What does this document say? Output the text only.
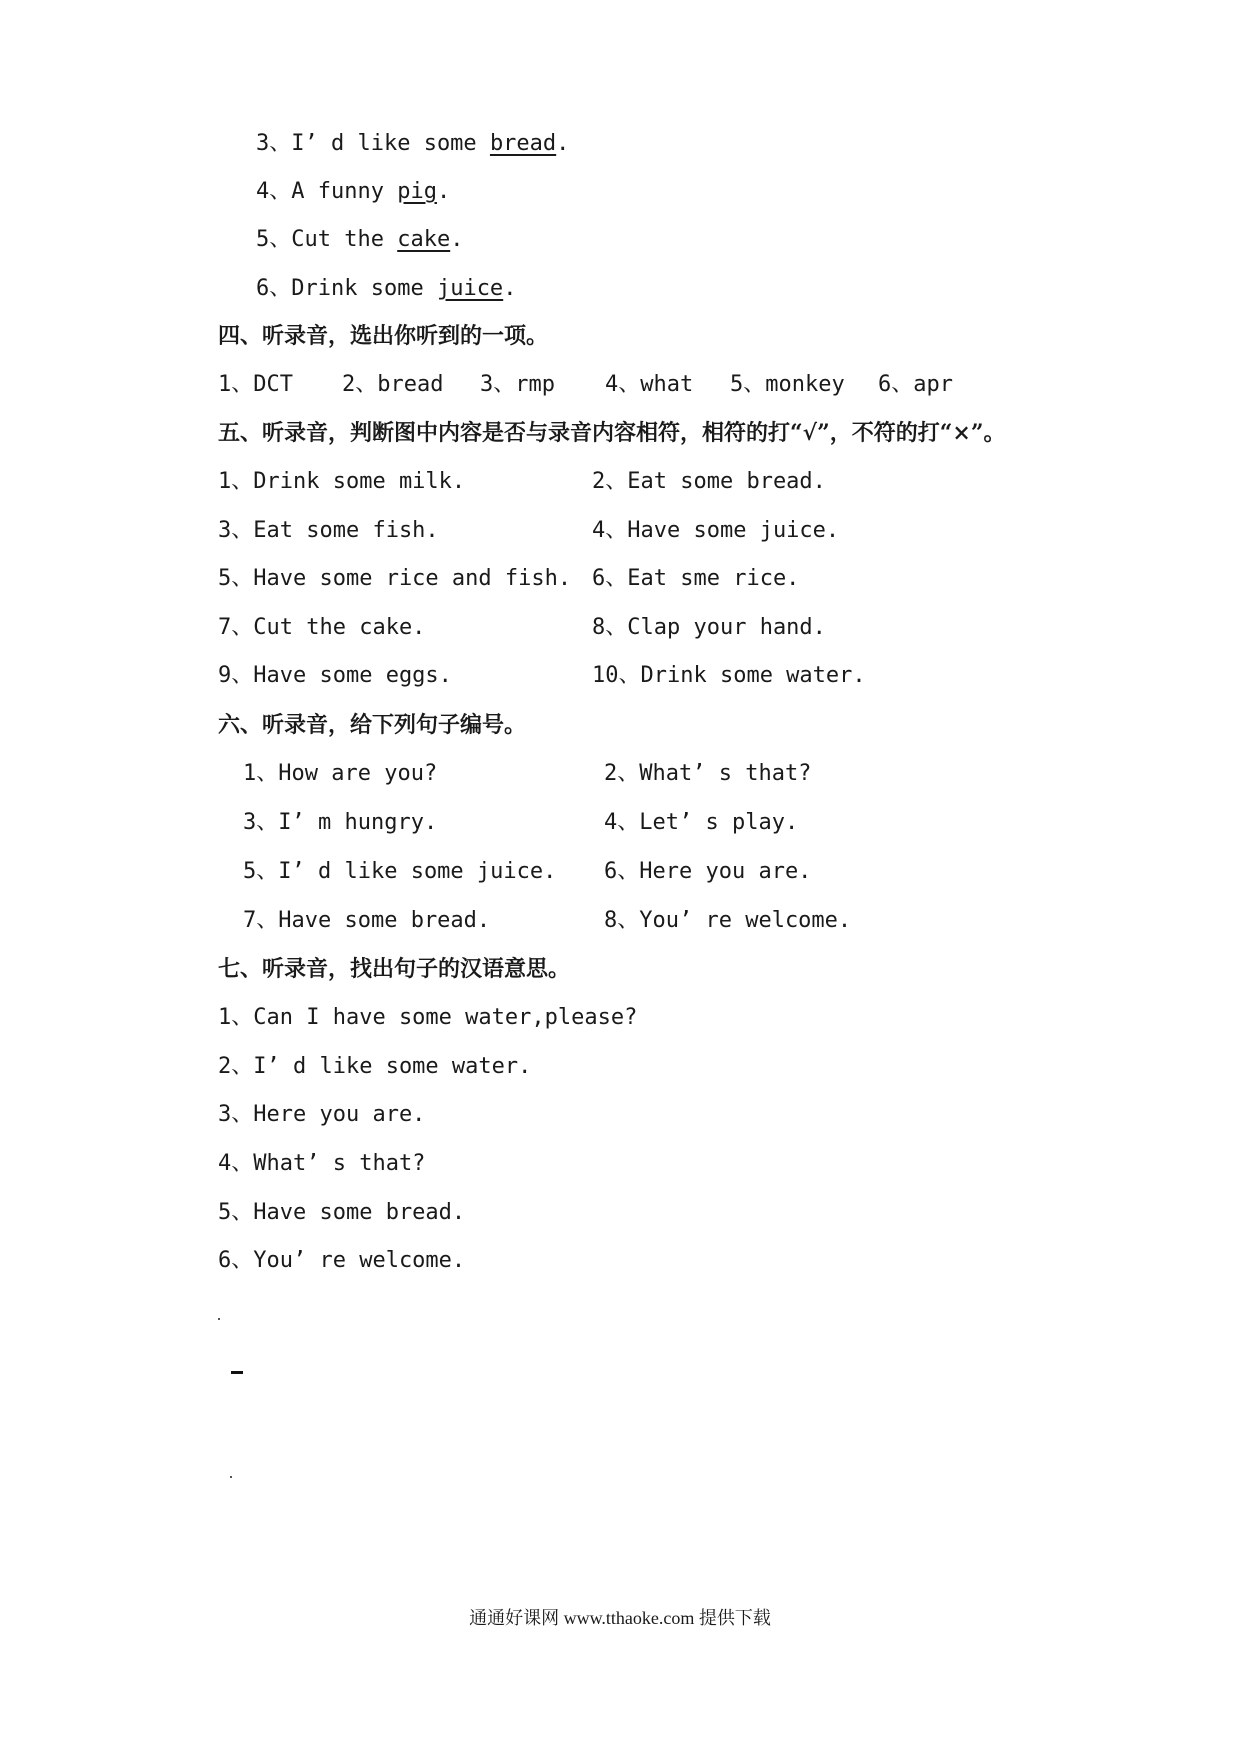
3、I’ d like some bread.
4、A funny pig.
5、Cut the cake.
6、Drink some juice.
四、听录音，选出你听到的一项。
1、DCT 2、bread 3、rmp 4、what 5、monkey 6、apr
五、听录音，判断图中内容是否与录音内容相符，相符的打“√”，不符的打“×”。
1、Drink some milk.	2、Eat some bread.
3、Eat some fish.	4、Have some juice.
5、Have some rice and fish. 6、Eat sme rice.
7、Cut the cake.	8、Clap your hand.
9、Have some eggs.	10、Drink some water.
六、听录音，给下列句子编号。
1、How are you?	2、What’ s that?
3、I’ m hungry.	4、Let’ s play.
5、I’ d like some juice. 6、Here you are.
7、Have some bread.	8、You’ re welcome.
七、听录音，找出句子的汉语意思。
1、Can I have some water,please?
2、I’ d like some water.
3、Here you are.
4、What’ s that?
5、Have some bread.
6、You’ re welcome.
通通好课网 www.tthaoke.com 提供下载
